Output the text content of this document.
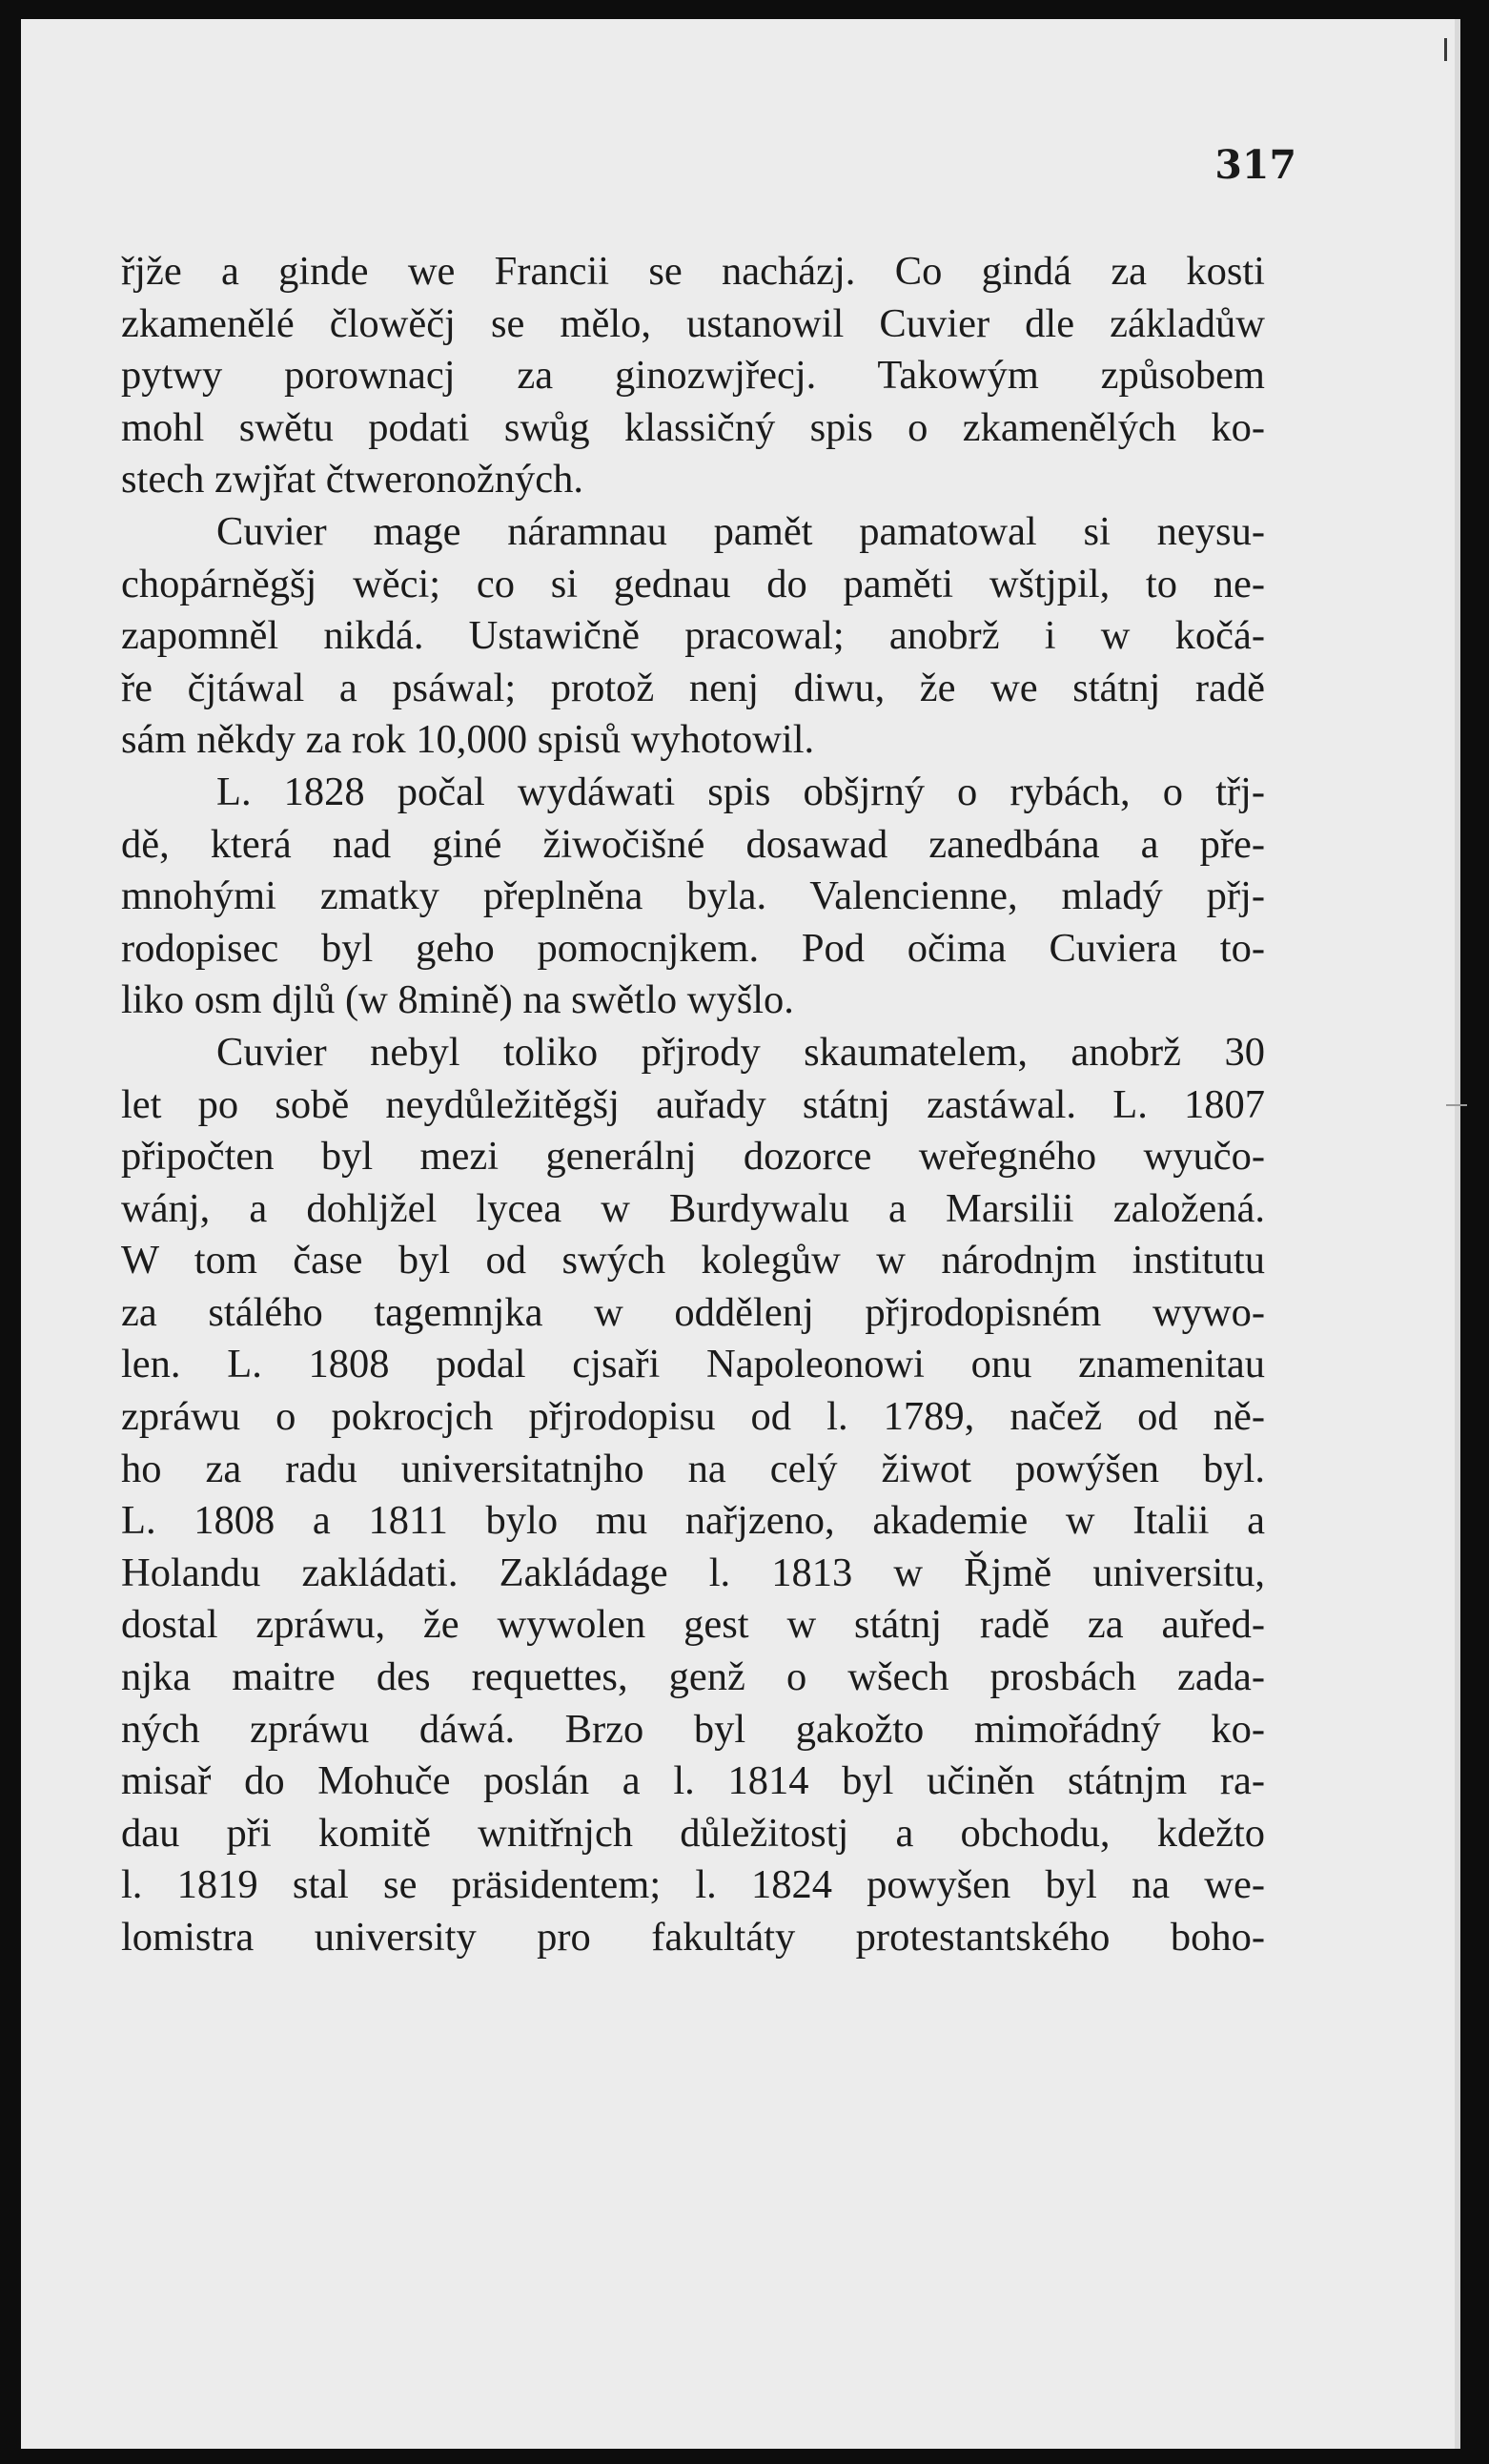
317
řjže a ginde we Francii se nacházj. Co gindá za kosti
zkamenělé člowěčj se mělo, ustanowil Cuvier dle základůw
pytwy porownacj za ginozwjřecj. Takowým způsobem
mohl swětu podati swůg klassičný spis o zkamenělých ko-
stech zwjřat čtweronožných.
Cuvier mage náramnau pamět pamatowal si neysu-
chopárněgšj wěci; co si gednau do paměti wštjpil, to ne-
zapomněl nikdá. Ustawičně pracowal; anobrž i w kočá-
ře čjtáwal a psáwal; protož nenj diwu, že we státnj radě
sám někdy za rok 10,000 spisů wyhotowil.
L. 1828 počal wydáwati spis obšjrný o rybách, o třj-
dě, která nad giné žiwočišné dosawad zanedbána a pře-
mnohými zmatky přeplněna byla. Valencienne, mladý přj-
rodopisec byl geho pomocnjkem. Pod očima Cuviera to-
liko osm djlů (w 8mině) na swětlo wyšlo.
Cuvier nebyl toliko přjrody skaumatelem, anobrž 30
let po sobě neydůležitěgšj auřady státnj zastáwal. L. 1807
připočten byl mezi generálnj dozorce weřegného wyučo-
wánj, a dohljžel lycea w Burdywalu a Marsilii založená.
W tom čase byl od swých kolegůw w národnjm institutu
za stálého tagemnjka w oddělenj přjrodopisném wywo-
len. L. 1808 podal cjsaři Napoleonowi onu znamenitau
zpráwu o pokrocjch přjrodopisu od l. 1789, načež od ně-
ho za radu universitatnjho na celý žiwot powýšen byl.
L. 1808 a 1811 bylo mu nařjzeno, akademie w Italii a
Holandu zakládati. Zakládage l. 1813 w Řjmě universitu,
dostal zpráwu, že wywolen gest w státnj radě za auřed-
njka maitre des requettes, genž o wšech prosbách zada-
ných zpráwu dáwá. Brzo byl gakožto mimořádný ko-
misař do Mohuče poslán a l. 1814 byl učiněn státnjm ra-
dau při komitě wnitřnjch důležitostj a obchodu, kdežto
l. 1819 stal se präsidentem; l. 1824 powyšen byl na we-
lomistra university pro fakultáty protestantského boho-
